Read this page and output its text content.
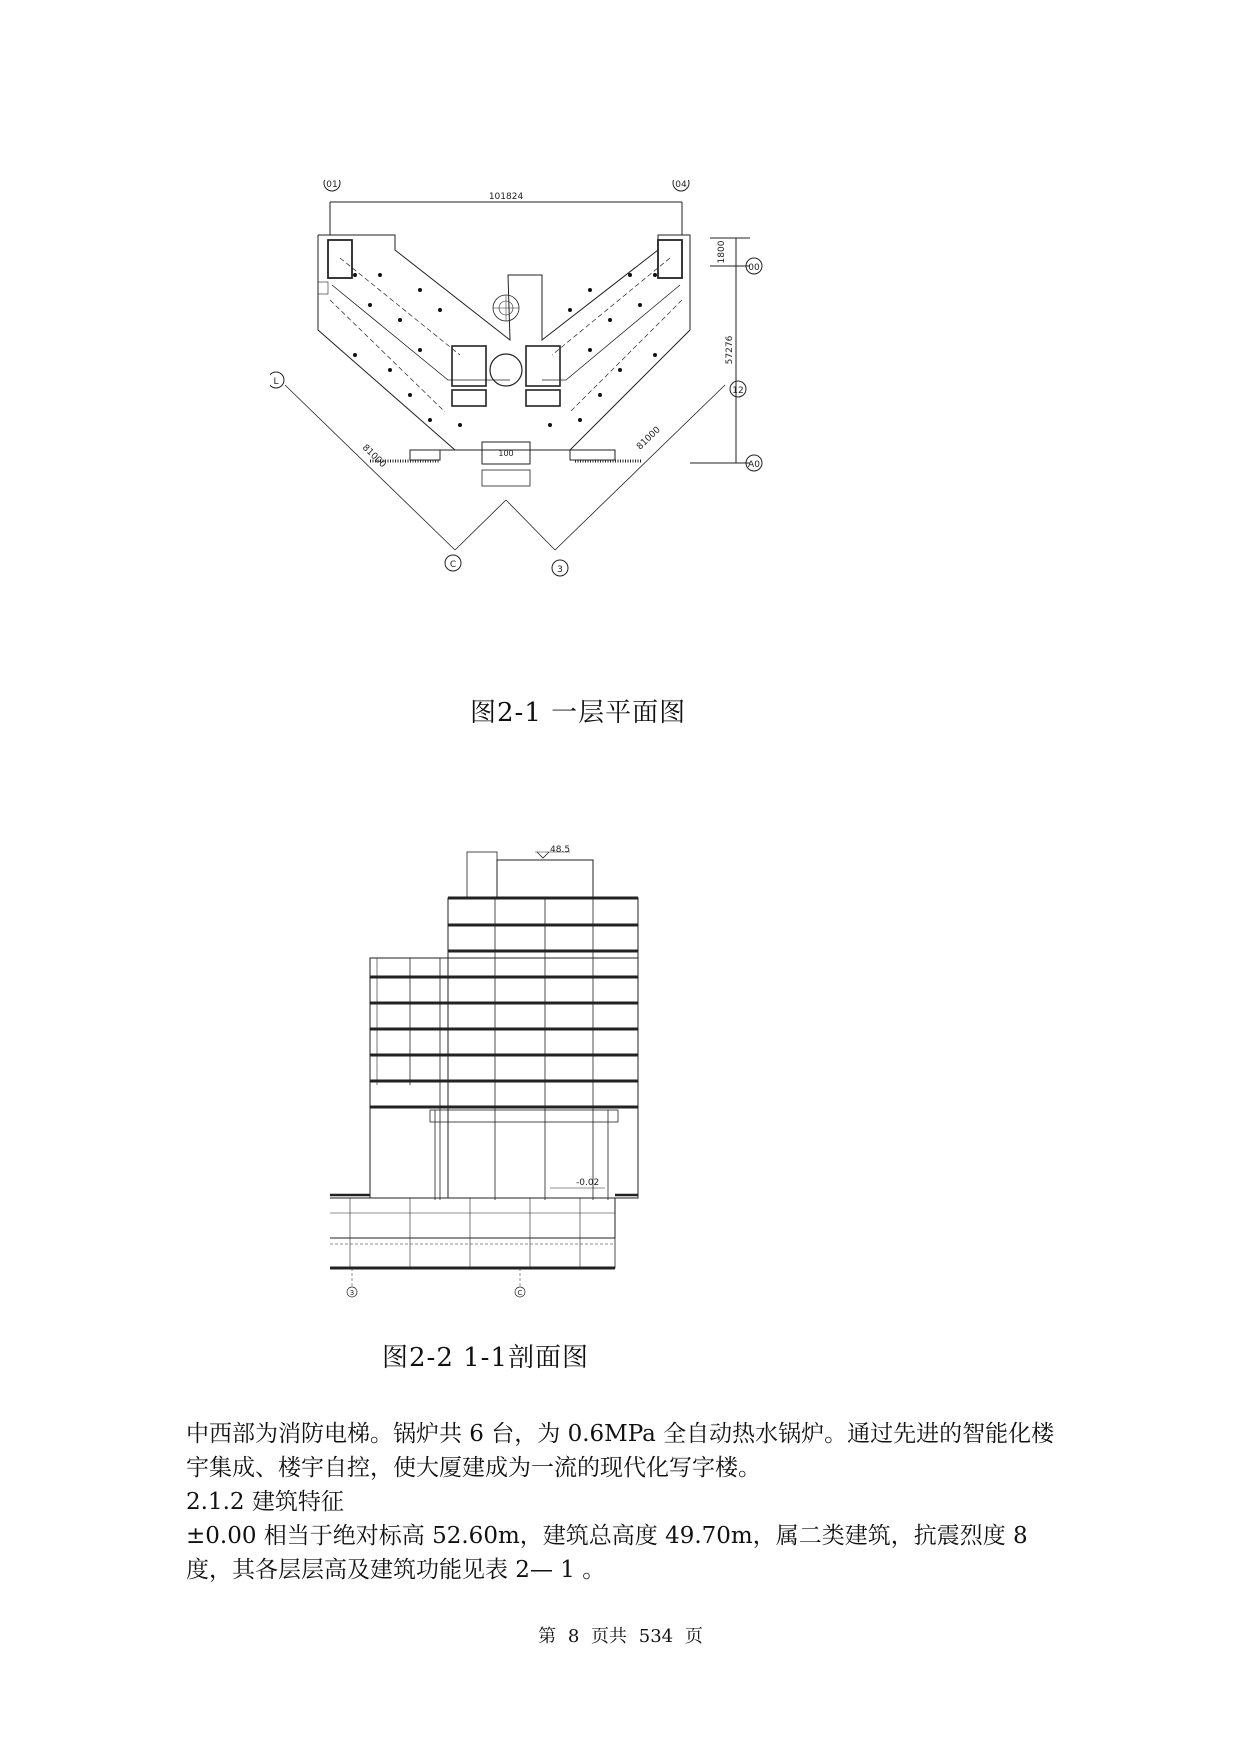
01	04
101824
1800
57276
00
12
A0
100
81000
81000
L
C	3
图2-1 一层平面图
48.5
-0.02
3	C
图2-2 1-1剖面图

中西部为消防电梯。锅炉共 6 台，为 0.6MPa 全自动热水锅炉。通过先进的智能化楼宇集成、楼宇自控，使大厦建成为一流的现代化写字楼。

2.1.2 建筑特征

±0.00 相当于绝对标高 52.60m，建筑总高度 49.70m，属二类建筑，抗震烈度 8 度，其各层层高及建筑功能见表 2— 1 。

第 8 页共 534 页
